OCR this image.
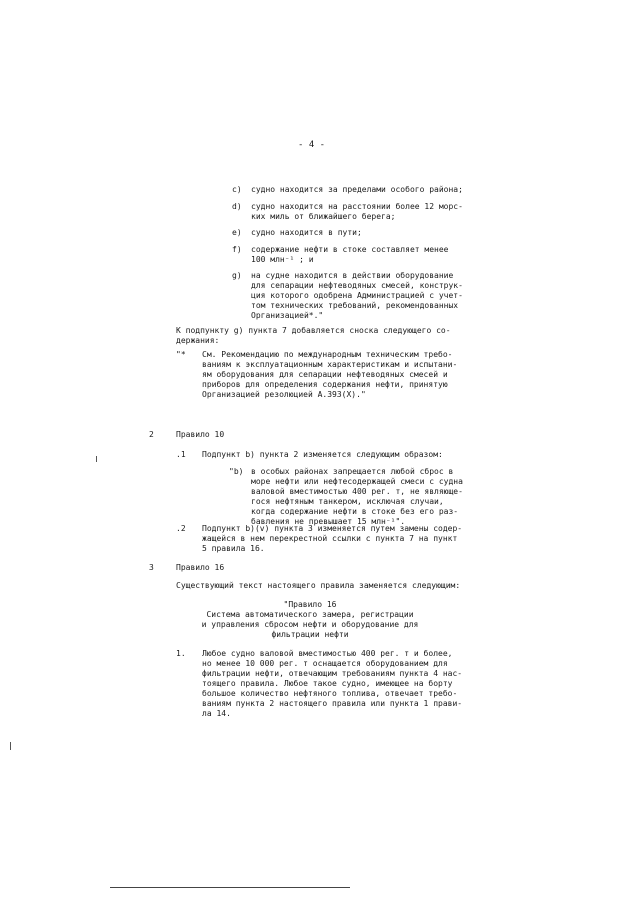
- 4 -
c) судно находится за пределами особого района;
d) судно находится на расстоянии более 12 морс-
ких миль от ближайшего берега;
e) судно находится в пути;
f) содержание нефти в стоке составляет менее
100 млн⁻¹ ; и
g) на судне находится в действии оборудование
для сепарации нефтеводяных смесей, конструк-
ция которого одобрена Администрацией с учет-
том технических требований, рекомендованных
Организацией*."
К подпункту g) пункта 7 добавляется сноска следующего со-
держания:
"* См. Рекомендацию по международным техническим требо-
ваниям к эксплуатационным характеристикам и испытани-
ям оборудования для сепарации нефтеводяных смесей и
приборов для определения содержания нефти, принятую
Организацией резолюцией А.393(Х)."
2	Правило 10
.1 Подпункт b) пункта 2 изменяется следующим образом:
"b) в особых районах запрещается любой сброс в
море нефти или нефтесодержащей смеси с судна
валовой вместимостью 400 рег. т, не являюще-
гося нефтяным танкером, исключая случаи,
когда содержание нефти в стоке без его раз-
бавления не превышает 15 млн⁻¹".
.2 Подпункт b)(v) пункта 3 изменяется путем замены содер-
жащейся в нем перекрестной ссылки с пункта 7 на пункт
5 правила 16.
3	Правило 16
Существующий текст настоящего правила заменяется следующим:
"Правило 16
Система автоматического замера, регистрации
и управления сбросом нефти и оборудование для
фильтрации нефти
1. Любое судно валовой вместимостью 400 рег. т и более,
но менее 10 000 рег. т оснащается оборудованием для
фильтрации нефти, отвечающим требованиям пункта 4 нас-
тоящего правила. Любое такое судно, имеющее на борту
большое количество нефтяного топлива, отвечает требо-
ваниям пункта 2 настоящего правила или пункта 1 прави-
ла 14.
